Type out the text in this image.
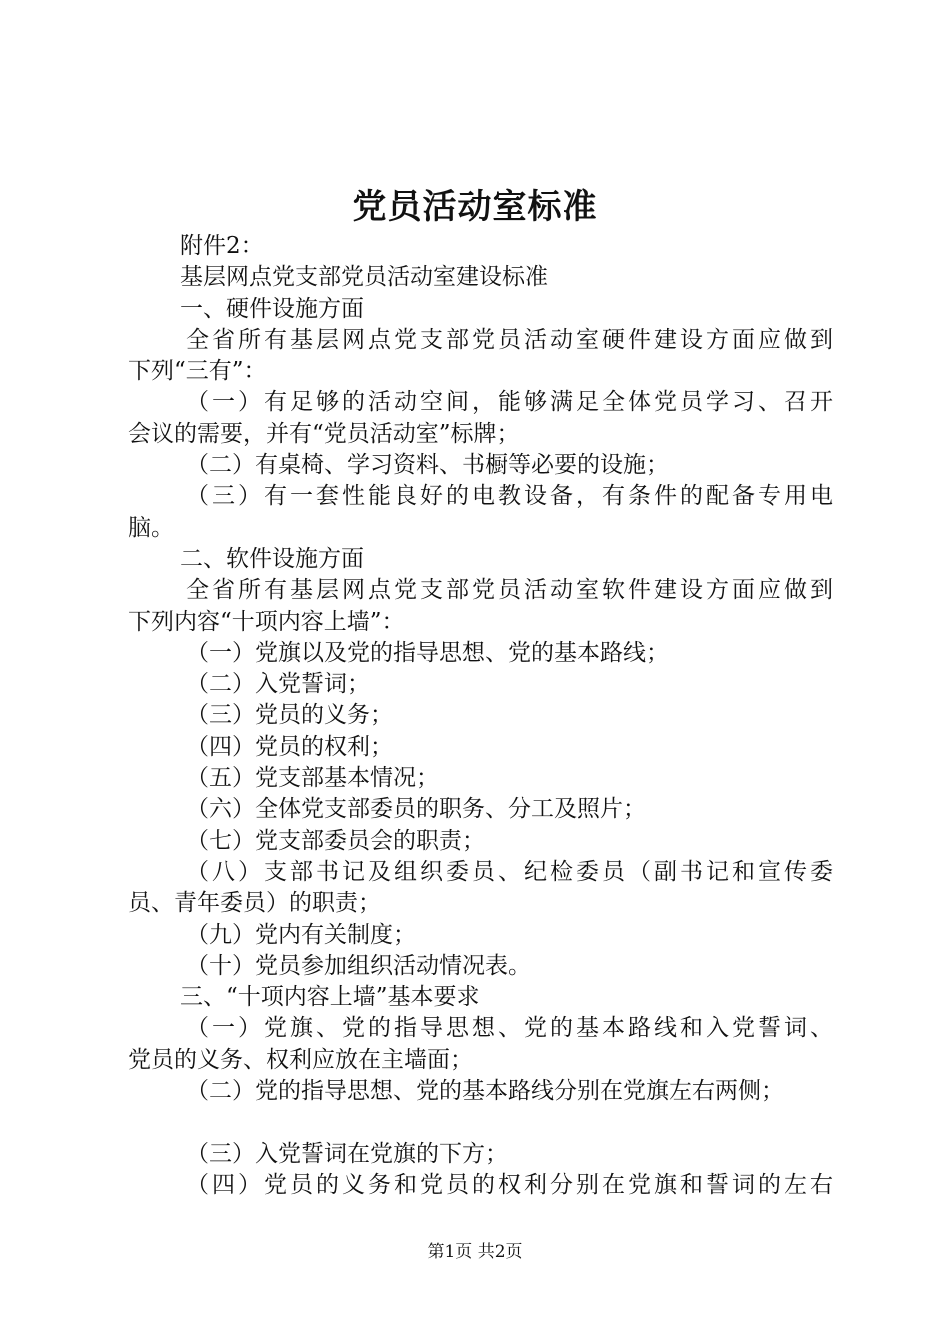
党员活动室标准
附件2：
基层网点党支部党员活动室建设标准
一、硬件设施方面
全省所有基层网点党支部党员活动室硬件建设方面应做到
下列“三有”：
（一）有足够的活动空间，能够满足全体党员学习、召开
会议的需要，并有“党员活动室”标牌；
（二）有桌椅、学习资料、书橱等必要的设施；
（三）有一套性能良好的电教设备，有条件的配备专用电
脑。
二、软件设施方面
全省所有基层网点党支部党员活动室软件建设方面应做到
下列内容“十项内容上墙”：
（一）党旗以及党的指导思想、党的基本路线；
（二）入党誓词；
（三）党员的义务；
（四）党员的权利；
（五）党支部基本情况；
（六）全体党支部委员的职务、分工及照片；
（七）党支部委员会的职责；
（八）支部书记及组织委员、纪检委员（副书记和宣传委
员、青年委员）的职责；
（九）党内有关制度；
（十）党员参加组织活动情况表。
三、“十项内容上墙”基本要求
（一）党旗、党的指导思想、党的基本路线和入党誓词、
党员的义务、权利应放在主墙面；
（二）党的指导思想、党的基本路线分别在党旗左右两侧；
（三）入党誓词在党旗的下方；
（四）党员的义务和党员的权利分别在党旗和誓词的左右
第1页 共2页
